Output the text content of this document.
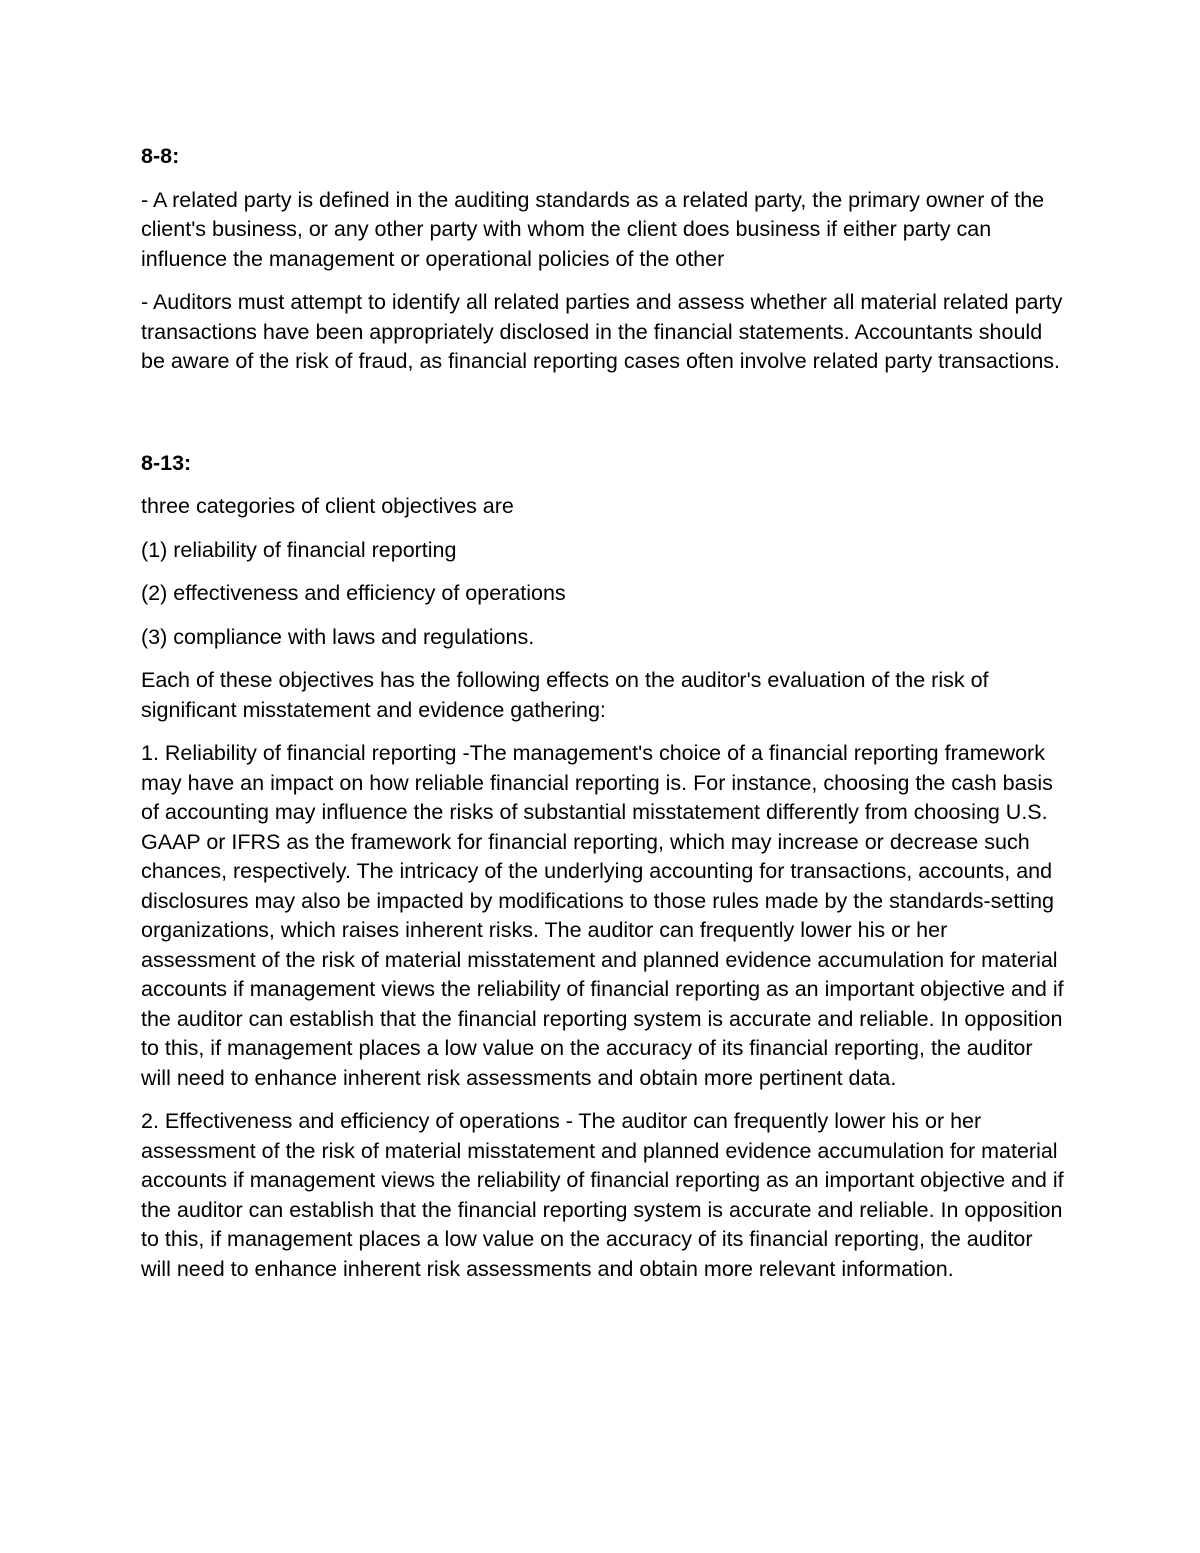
8-8:

- A related party is defined in the auditing standards as a related party, the primary owner of the client's business, or any other party with whom the client does business if either party can influence the management or operational policies of the other

- Auditors must attempt to identify all related parties and assess whether all material related party transactions have been appropriately disclosed in the financial statements. Accountants should be aware of the risk of fraud, as financial reporting cases often involve related party transactions.

8-13:

three categories of client objectives are

(1) reliability of financial reporting

(2) effectiveness and efficiency of operations

(3) compliance with laws and regulations.

Each of these objectives has the following effects on the auditor's evaluation of the risk of significant misstatement and evidence gathering:

1. Reliability of financial reporting -The management's choice of a financial reporting framework may have an impact on how reliable financial reporting is. For instance, choosing the cash basis of accounting may influence the risks of substantial misstatement differently from choosing U.S. GAAP or IFRS as the framework for financial reporting, which may increase or decrease such chances, respectively. The intricacy of the underlying accounting for transactions, accounts, and disclosures may also be impacted by modifications to those rules made by the standards-setting organizations, which raises inherent risks. The auditor can frequently lower his or her assessment of the risk of material misstatement and planned evidence accumulation for material accounts if management views the reliability of financial reporting as an important objective and if the auditor can establish that the financial reporting system is accurate and reliable. In opposition to this, if management places a low value on the accuracy of its financial reporting, the auditor will need to enhance inherent risk assessments and obtain more pertinent data.

2. Effectiveness and efficiency of operations - The auditor can frequently lower his or her assessment of the risk of material misstatement and planned evidence accumulation for material accounts if management views the reliability of financial reporting as an important objective and if the auditor can establish that the financial reporting system is accurate and reliable. In opposition to this, if management places a low value on the accuracy of its financial reporting, the auditor will need to enhance inherent risk assessments and obtain more relevant information.
